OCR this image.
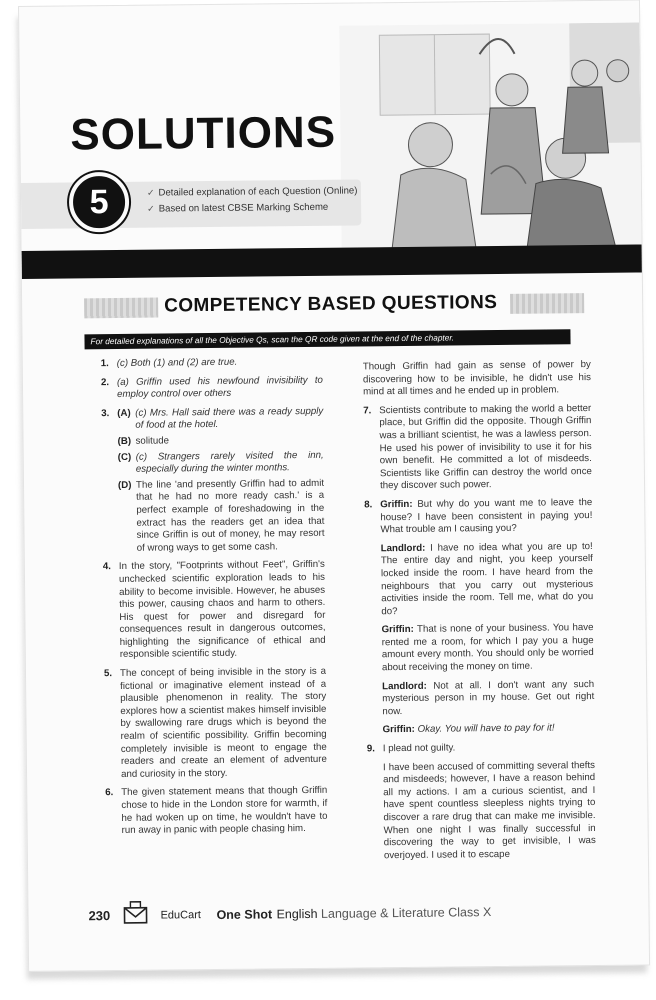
SOLUTIONS
5	✓ Detailed explanation of each Question (Online)
✓ Based on latest CBSE Marking Scheme
COMPETENCY BASED QUESTIONS
For detailed explanations of all the Objective Qs, scan the QR code given at the end of the chapter.
1. (c) Both (1) and (2) are true.
2. (a) Griffin used his newfound invisibility to employ control over others
3. (A) (c) Mrs. Hall said there was a ready supply of food at the hotel.
(B) solitude
(C) (c) Strangers rarely visited the inn, especially during the winter months.
(D) The line 'and presently Griffin had to admit that he had no more ready cash.' is a perfect example of foreshadowing in the extract has the readers get an idea that since Griffin is out of money, he may resort of wrong ways to get some cash.
4. In the story, "Footprints without Feet", Griffin's unchecked scientific exploration leads to his ability to become invisible. However, he abuses this power, causing chaos and harm to others. His quest for power and disregard for consequences result in dangerous outcomes, highlighting the significance of ethical and responsible scientific study.
5. The concept of being invisible in the story is a fictional or imaginative element instead of a plausible phenomenon in reality. The story explores how a scientist makes himself invisible by swallowing rare drugs which is beyond the realm of scientific possibility. Griffin becoming completely invisible is meont to engage the readers and create an element of adventure and curiosity in the story.
6. The given statement means that though Griffin chose to hide in the London store for warmth, if he had woken up on time, he wouldn't have to run away in panic with people chasing him.
Though Griffin had gain as sense of power by discovering how to be invisible, he didn't use his mind at all times and he ended up in problem.
7. Scientists contribute to making the world a better place, but Griffin did the opposite. Though Griffin was a brilliant scientist, he was a lawless person. He used his power of invisibility to use it for his own benefit. He committed a lot of misdeeds. Scientists like Griffin can destroy the world once they discover such power.
8. Griffin: But why do you want me to leave the house? I have been consistent in paying you! What trouble am I causing you?
Landlord: I have no idea what you are up to! The entire day and night, you keep yourself locked inside the room. I have heard from the neighbours that you carry out mysterious activities inside the room. Tell me, what do you do?
Griffin: That is none of your business. You have rented me a room, for which I pay you a huge amount every month. You should only be worried about receiving the money on time.
Landlord: Not at all. I don't want any such mysterious person in my house. Get out right now.
Griffin: Okay. You will have to pay for it!
9. I plead not guilty.
I have been accused of committing several thefts and misdeeds; however, I have a reason behind all my actions. I am a curious scientist, and I have spent countless sleepless nights trying to discover a rare drug that can make me invisible. When one night I was finally successful in discovering the way to get invisible, I was overjoyed. I used it to escape
230	EduCart One Shot English Language & Literature Class X
